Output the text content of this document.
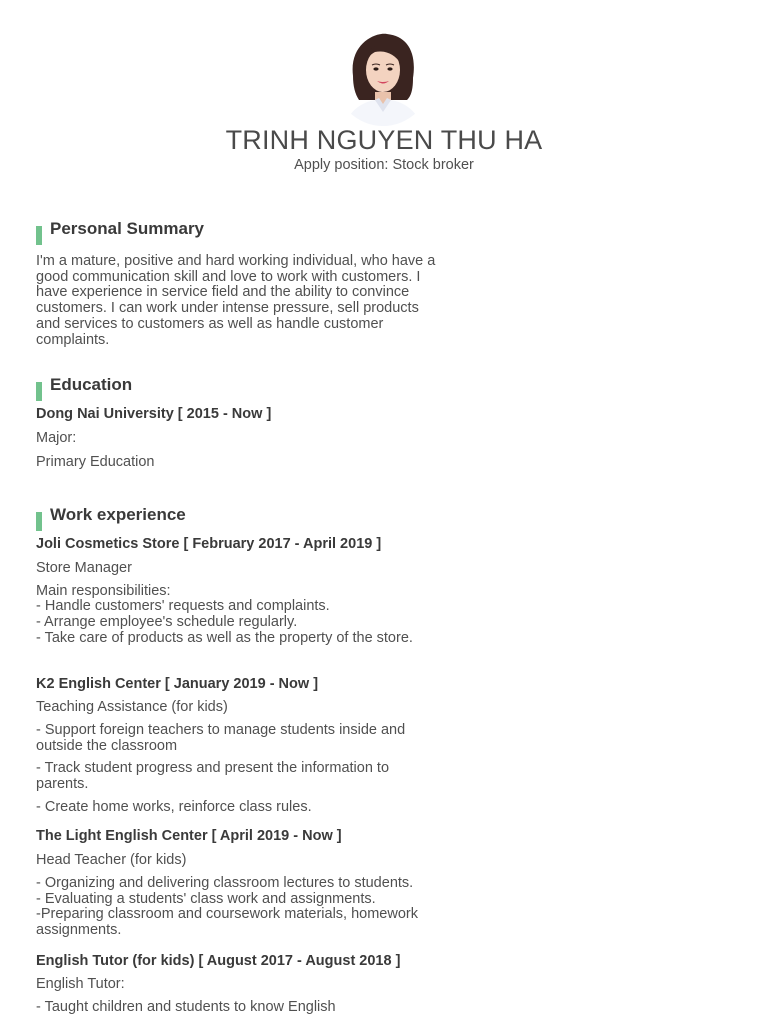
TRINH NGUYEN THU HA
Apply position: Stock broker
Personal Summary

I'm a mature, positive and hard working individual, who have a good communication skill and love to work with customers. I have experience in service field and the ability to convince customers. I can work under intense pressure, sell products and services to customers as well as handle customer complaints.

Education
Dong Nai University [ 2015 - Now ]
Major:
Primary Education
Work experience
Joli Cosmetics Store [ February 2017 - April 2019 ]
Store Manager
Main responsibilities:
- Handle customers' requests and complaints.
- Arrange employee's schedule regularly.
- Take care of products as well as the property of the store.
K2 English Center [ January 2019 - Now ]
Teaching Assistance (for kids)
- Support foreign teachers to manage students inside and outside the classroom
- Track student progress and present the information to parents.
- Create home works, reinforce class rules.
The Light English Center [ April 2019 - Now ]
Head Teacher (for kids)
- Organizing and delivering classroom lectures to students.
- Evaluating a students' class work and assignments.
-Preparing classroom and coursework materials, homework assignments.
English Tutor (for kids) [ August 2017 - August 2018 ]
English Tutor:
- Taught children and students to know English
